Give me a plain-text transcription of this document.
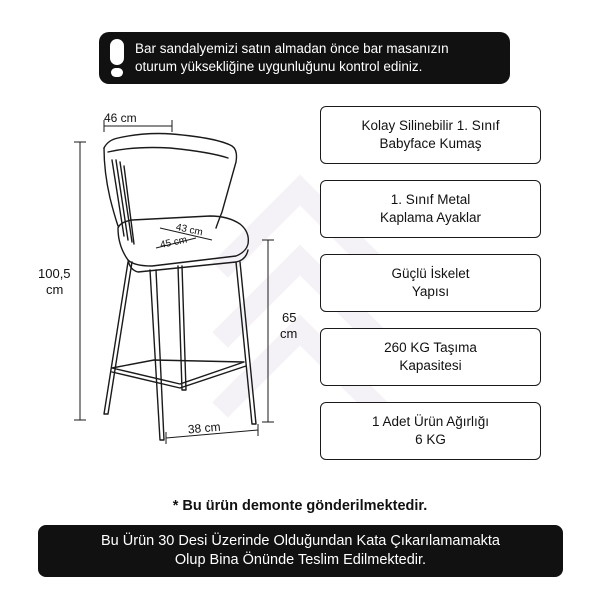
Bar sandalyemizi satın almadan önce bar masanızın
oturum yüksekliğine uygunluğunu kontrol ediniz.
46 cm
43 cm
45 cm
100,5
cm
65
cm
38 cm
Kolay Silinebilir 1. Sınıf
Babyface Kumaş
1. Sınıf Metal
Kaplama Ayaklar
Güçlü İskelet
Yapısı
260 KG Taşıma
Kapasitesi
1 Adet Ürün Ağırlığı
6 KG
* Bu ürün demonte gönderilmektedir.
Bu Ürün 30 Desi Üzerinde Olduğundan Kata Çıkarılamamakta
Olup Bina Önünde Teslim Edilmektedir.
